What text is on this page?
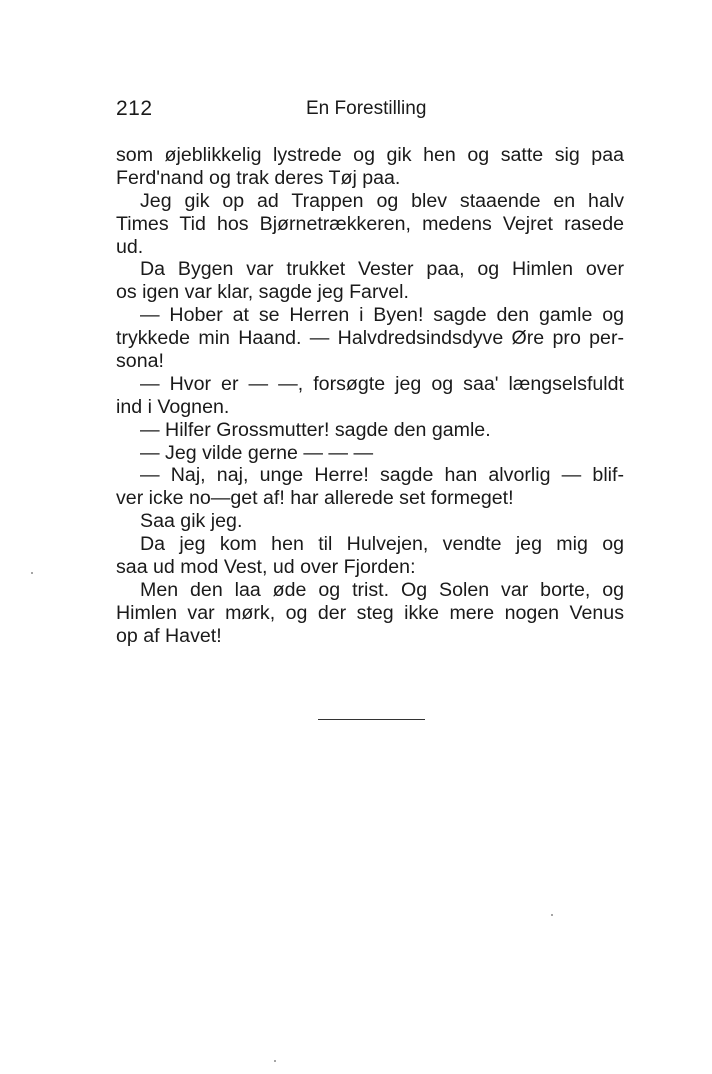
212	En Forestilling
som øjeblikkelig lystrede og gik hen og satte sig paa
Ferd'nand og trak deres Tøj paa.
Jeg gik op ad Trappen og blev staaende en halv
Times Tid hos Bjørnetrækkeren, medens Vejret rasede
ud.
Da Bygen var trukket Vester paa, og Himlen over
os igen var klar, sagde jeg Farvel.
— Hober at se Herren i Byen! sagde den gamle og
trykkede min Haand. — Halvdredsindsdyve Øre pro per-
sona!
— Hvor er — —, forsøgte jeg og saa' længselsfuldt
ind i Vognen.
— Hilfer Grossmutter! sagde den gamle.
— Jeg vilde gerne — — —
— Naj, naj, unge Herre! sagde han alvorlig — blif-
ver icke no—get af! har allerede set formeget!
Saa gik jeg.
Da jeg kom hen til Hulvejen, vendte jeg mig og
saa ud mod Vest, ud over Fjorden:
Men den laa øde og trist. Og Solen var borte, og
Himlen var mørk, og der steg ikke mere nogen Venus
op af Havet!
